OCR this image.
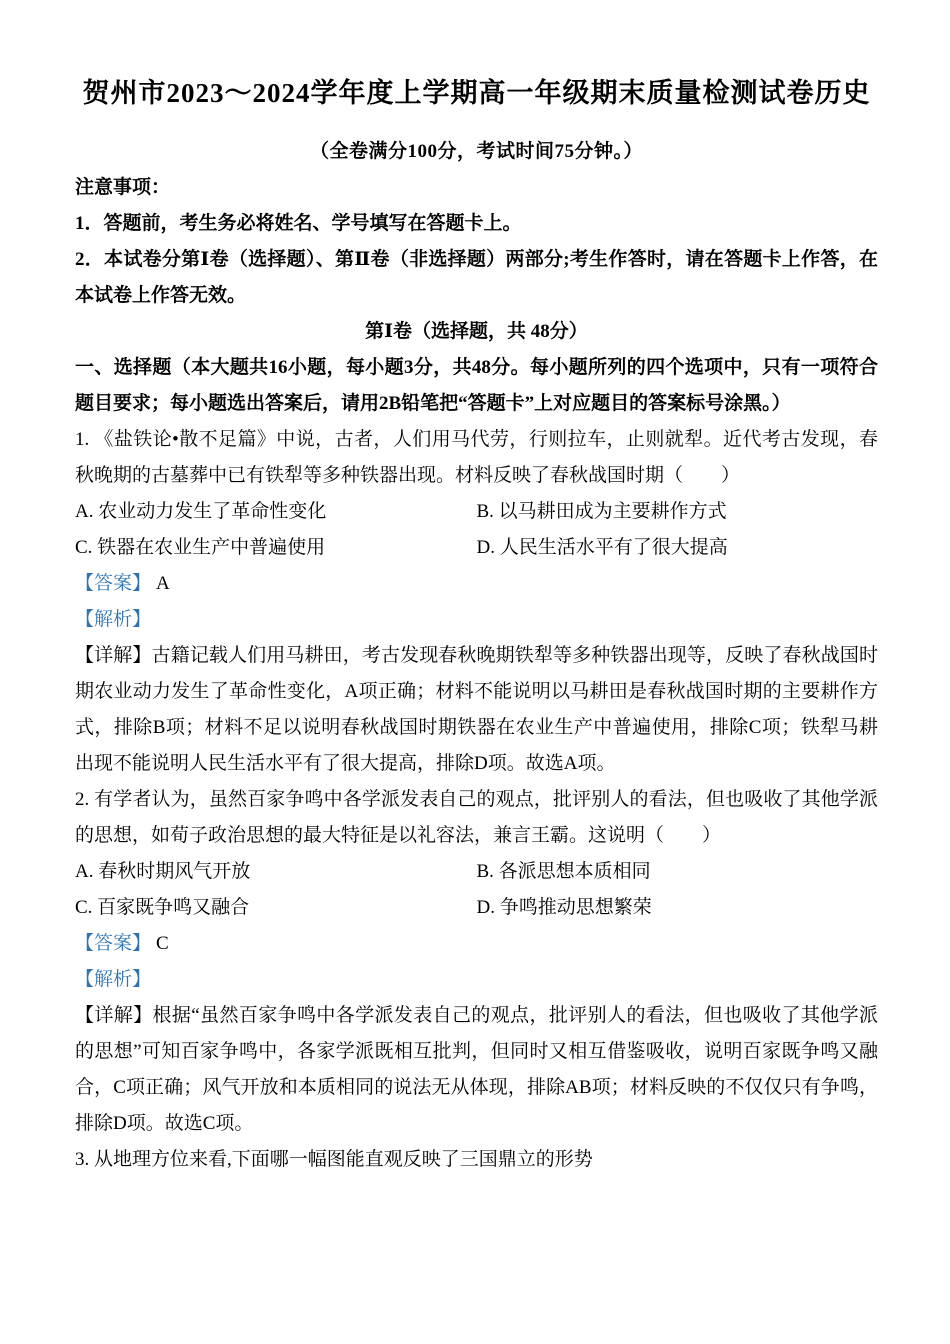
贺州市2023～2024学年度上学期高一年级期末质量检测试卷历史

（全卷满分100分，考试时间75分钟。）

注意事项：

1．答题前，考生务必将姓名、学号填写在答题卡上。

2．本试卷分第Ⅰ卷（选择题）、第Ⅱ卷（非选择题）两部分;考生作答时，请在答题卡上作答，在本试卷上作答无效。

第Ⅰ卷（选择题，共 48分）

一、选择题（本大题共16小题，每小题3分，共48分。每小题所列的四个选项中，只有一项符合题目要求；每小题选出答案后，请用2B铅笔把“答题卡”上对应题目的答案标号涂黑。）

1. 《盐铁论•散不足篇》中说，古者，人们用马代劳，行则拉车，止则就犁。近代考古发现，春秋晚期的古墓葬中已有铁犁等多种铁器出现。材料反映了春秋战国时期（　　）

A. 农业动力发生了革命性变化	B. 以马耕田成为主要耕作方式

C. 铁器在农业生产中普遍使用	D. 人民生活水平有了很大提高

【答案】 A

【解析】

【详解】古籍记载人们用马耕田，考古发现春秋晚期铁犁等多种铁器出现等，反映了春秋战国时期农业动力发生了革命性变化，A项正确；材料不能说明以马耕田是春秋战国时期的主要耕作方式，排除B项；材料不足以说明春秋战国时期铁器在农业生产中普遍使用，排除C项；铁犁马耕出现不能说明人民生活水平有了很大提高，排除D项。故选A项。

2. 有学者认为，虽然百家争鸣中各学派发表自己的观点，批评别人的看法，但也吸收了其他学派的思想，如荀子政治思想的最大特征是以礼容法，兼言王霸。这说明（　　）

A. 春秋时期风气开放	B. 各派思想本质相同

C. 百家既争鸣又融合	D. 争鸣推动思想繁荣

【答案】 C

【解析】

【详解】根据“虽然百家争鸣中各学派发表自己的观点，批评别人的看法，但也吸收了其他学派的思想”可知百家争鸣中，各家学派既相互批判，但同时又相互借鉴吸收，说明百家既争鸣又融合，C项正确；风气开放和本质相同的说法无从体现，排除AB项；材料反映的不仅仅只有争鸣，排除D项。故选C项。

3. 从地理方位来看,下面哪一幅图能直观反映了三国鼎立的形势
